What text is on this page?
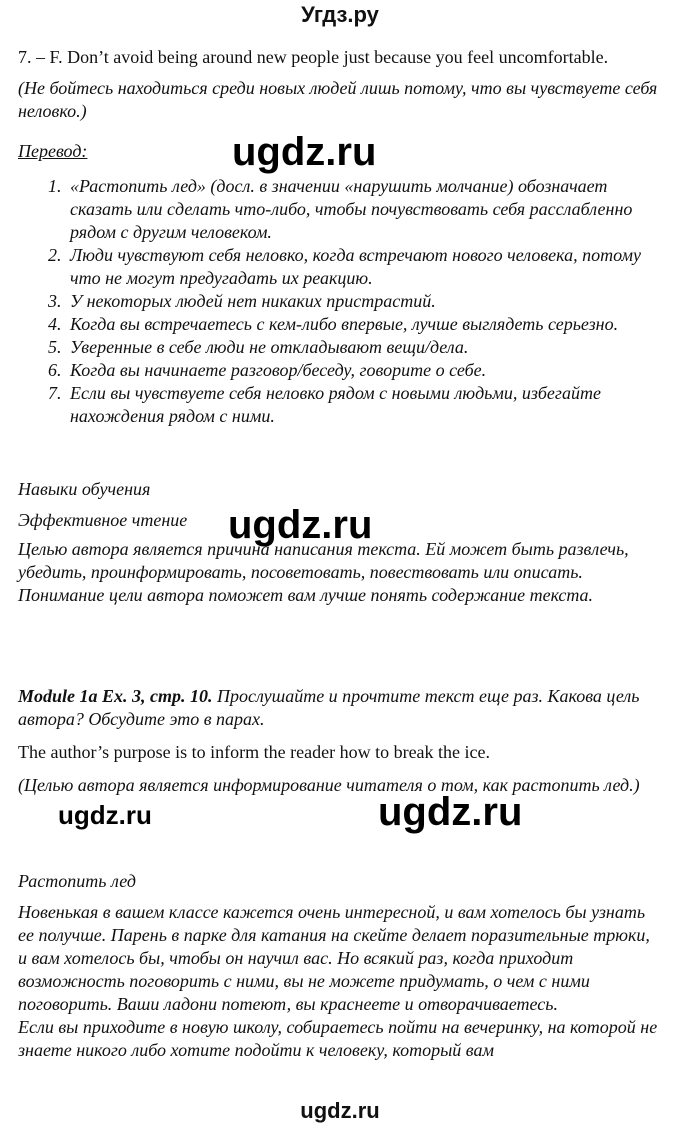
Угдз.ру

7. – F. Don’t avoid being around new people just because you feel uncomfortable.

(Не бойтесь находиться среди новых людей лишь потому, что вы чувствуете себя неловко.)

Перевод:

1. «Растопить лед» (досл. в значении «нарушить молчание) обозначает сказать или сделать что-либо, чтобы почувствовать себя расслабленно рядом с другим человеком.
2. Люди чувствуют себя неловко, когда встречают нового человека, потому что не могут предугадать их реакцию.
3. У некоторых людей нет никаких пристрастий.
4. Когда вы встречаетесь с кем-либо впервые, лучше выглядеть серьезно.
5. Уверенные в себе люди не откладывают вещи/дела.
6. Когда вы начинаете разговор/беседу, говорите о себе.
7. Если вы чувствуете себя неловко рядом с новыми людьми, избегайте нахождения рядом с ними.

Навыки обучения

Эффективное чтение

Целью автора является причина написания текста. Ей может быть развлечь, убедить, проинформировать, посоветовать, повествовать или описать. Понимание цели автора поможет вам лучше понять содержание текста.

Module 1a Ex. 3, стр. 10. Прослушайте и прочтите текст еще раз. Какова цель автора? Обсудите это в парах.

The author’s purpose is to inform the reader how to break the ice.

(Целью автора является информирование читателя о том, как растопить лед.)

Растопить лед

Новенькая в вашем классе кажется очень интересной, и вам хотелось бы узнать ее получше. Парень в парке для катания на скейте делает поразительные трюки, и вам хотелось бы, чтобы он научил вас. Но всякий раз, когда приходит возможность поговорить с ними, вы не можете придумать, о чем с ними поговорить. Ваши ладони потеют, вы краснеете и отворачиваетесь.

Если вы приходите в новую школу, собираетесь пойти на вечеринку, на которой не знаете никого либо хотите подойти к человеку, который вам

ugdz.ru
ugdz.ru
ugdz.ru	ugdz.ru
ugdz.ru
